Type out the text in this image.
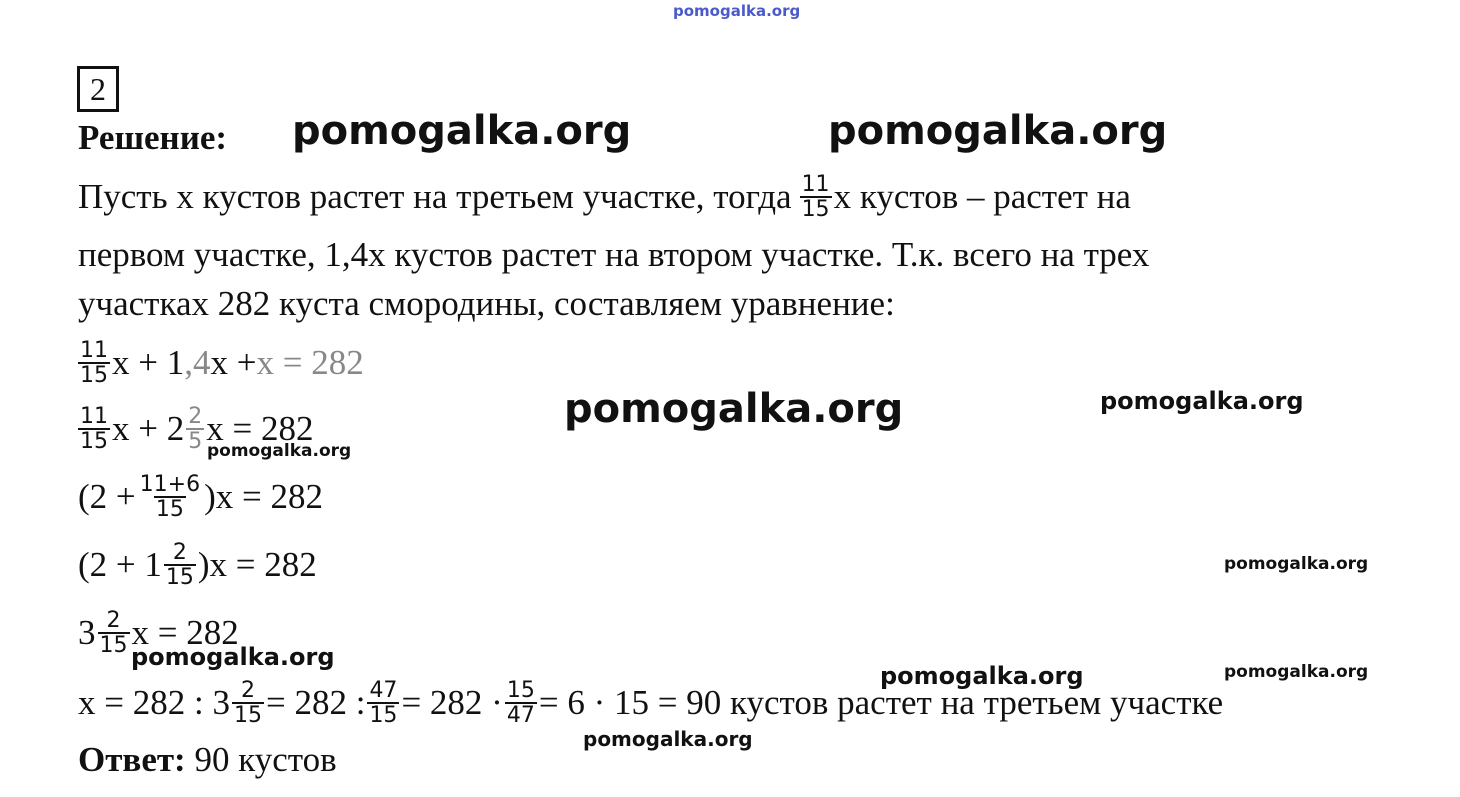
pomogalka.org
pomogalka.org	pomogalka.org
pomogalka.org	pomogalka.org
pomogalka.org
pomogalka.org
pomogalka.org
pomogalka.org
pomogalka.org
pomogalka.org
2
Решение:
Пусть х кустов растет на третьем участке, тогда $\frac{11}{15}$ х кустов – растет на
первом участке, 1,4х кустов растет на втором участке. Т.к. всего на трех
участках 282 куста смородины, составляем уравнение:
$\frac{11}{15}$ х + 1 ,4 х + х = 282
$\frac{11}{15}$ $х + 2 \frac{2}{5}$ х = 282
$(2 + \frac{11+6}{15} )х = 282$
$(2 + 1 \frac{2}{15} )х = 282$
$3 \frac{2}{15}$ х = 282
х = 282 : $3 \frac{2}{15} = 282$ : $\frac{47}{15} = 282 \cdot \frac{15}{47} = 6 \cdot 15 = 90$ кустов растет на третьем участке
Ответ: 90 кустов
